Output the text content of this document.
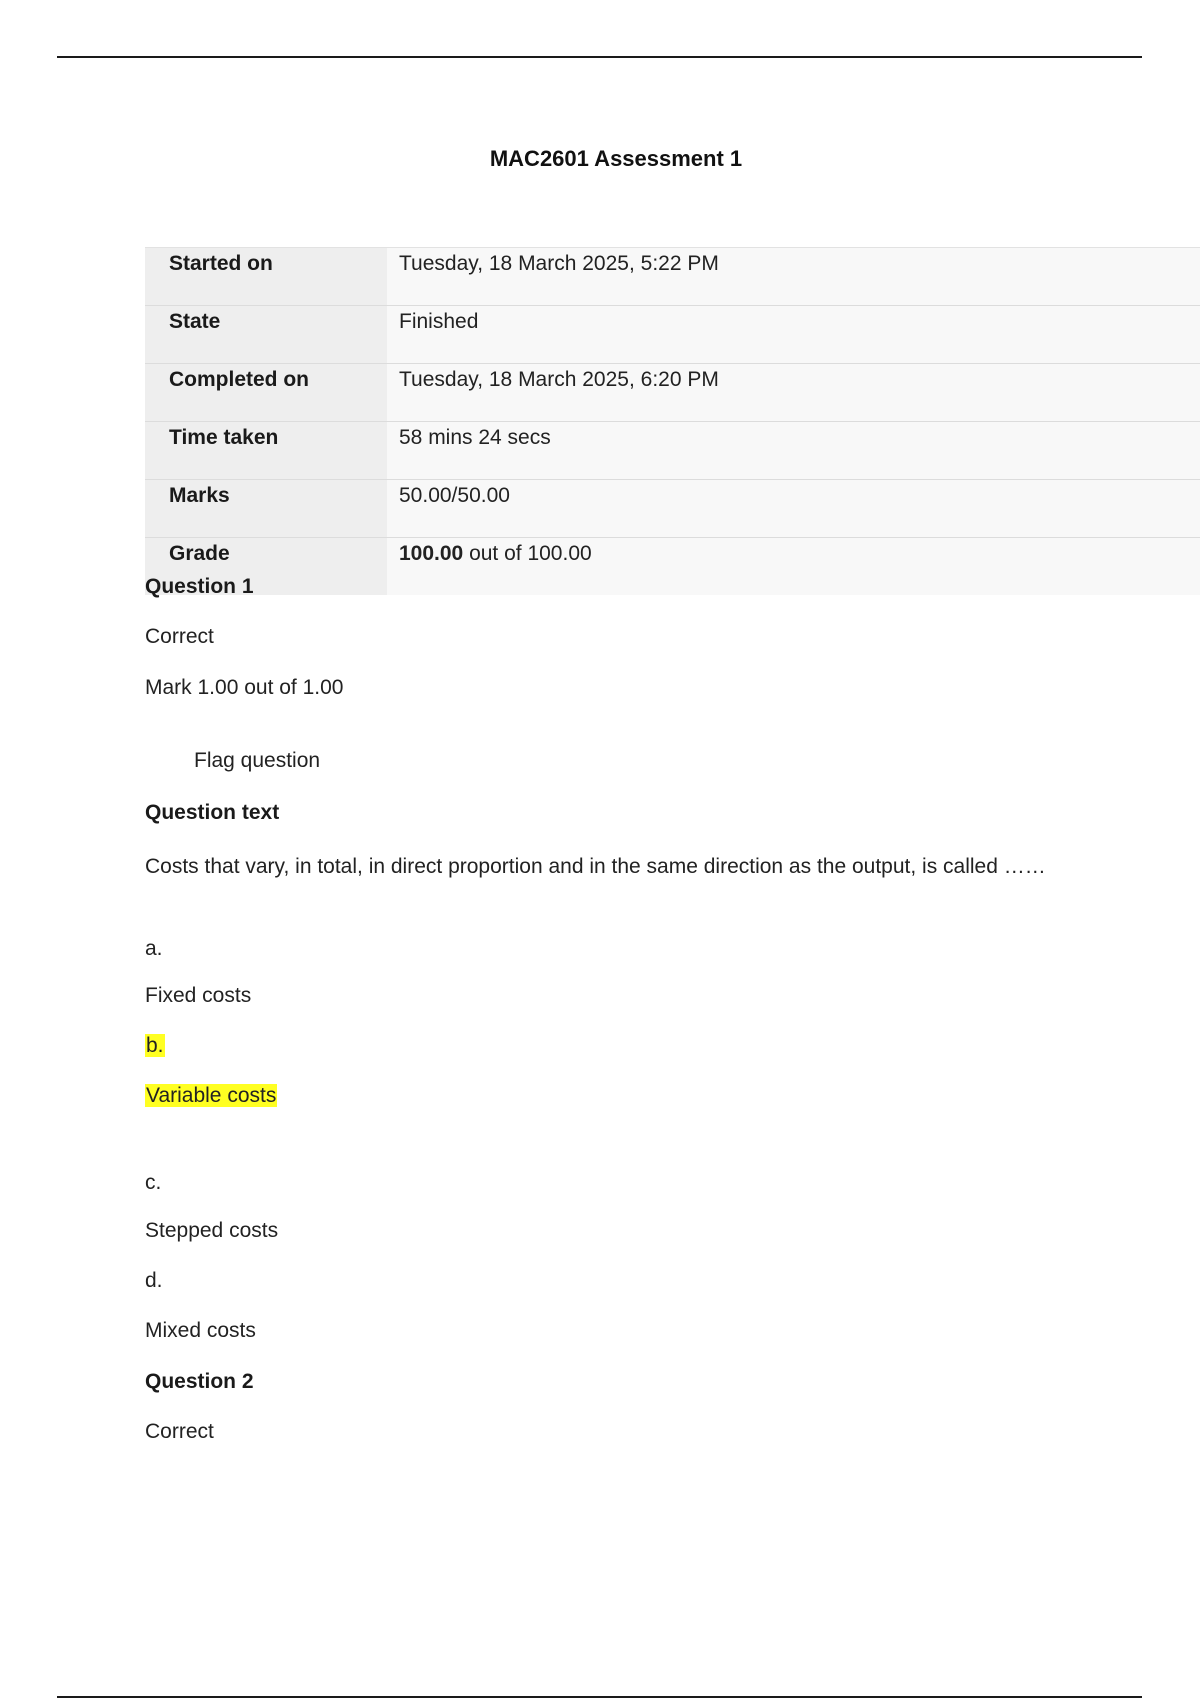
MAC2601 Assessment 1
Started on	Tuesday, 18 March 2025, 5:22 PM
State	Finished
Completed on	Tuesday, 18 March 2025, 6:20 PM
Time taken	58 mins 24 secs
Marks	50.00/50.00
Grade	100.00 out of 100.00
Question 1
Correct
Mark 1.00 out of 1.00
Flag question
Question text
Costs that vary, in total, in direct proportion and in the same direction as the output, is called ……
a.
Fixed costs
b.
Variable costs
c.
Stepped costs
d.
Mixed costs
Question 2
Correct
